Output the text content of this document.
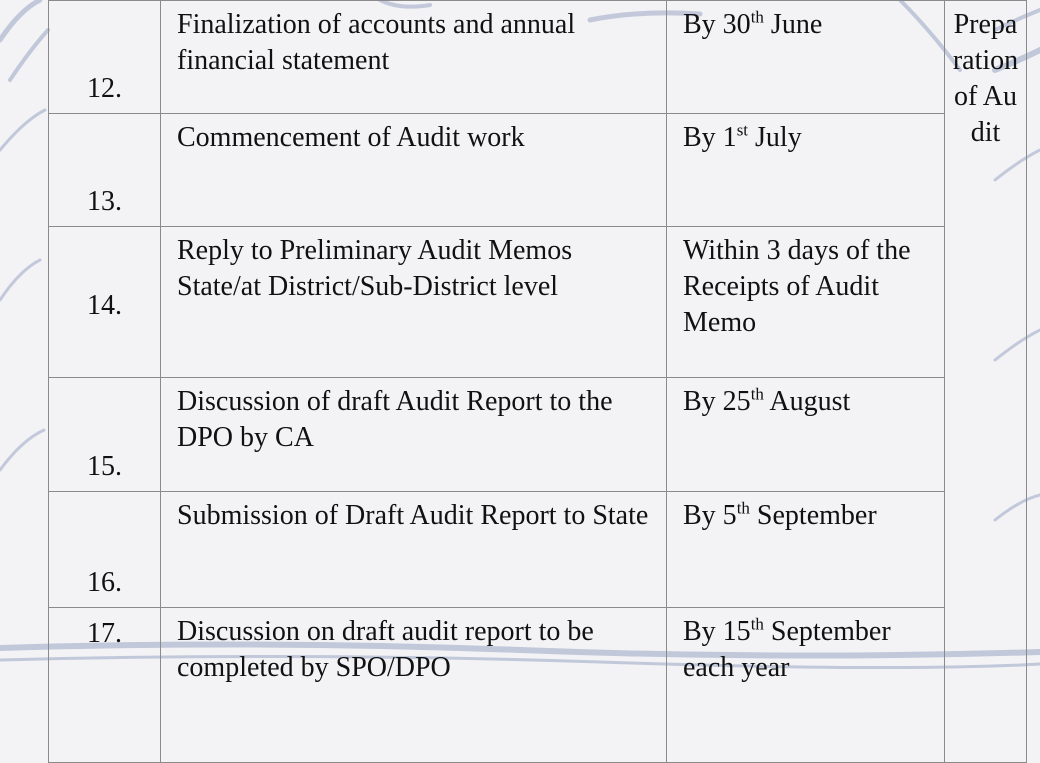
12.	Finalization of accounts and annual financial statement	By 30th June	Preparation of Audit

13.	Commencement of Audit work	By 1st July	

14.	Reply to Preliminary Audit Memos State/at District/Sub-District level	Within 3 days of the Receipts of Audit Memo	

15.	Discussion of draft Audit Report to the DPO by CA	By 25th August	

16.	Submission of Draft Audit Report to State	By 5th September	

17.	Discussion on draft audit report to be completed by SPO/DPO	By 15th September each year	
